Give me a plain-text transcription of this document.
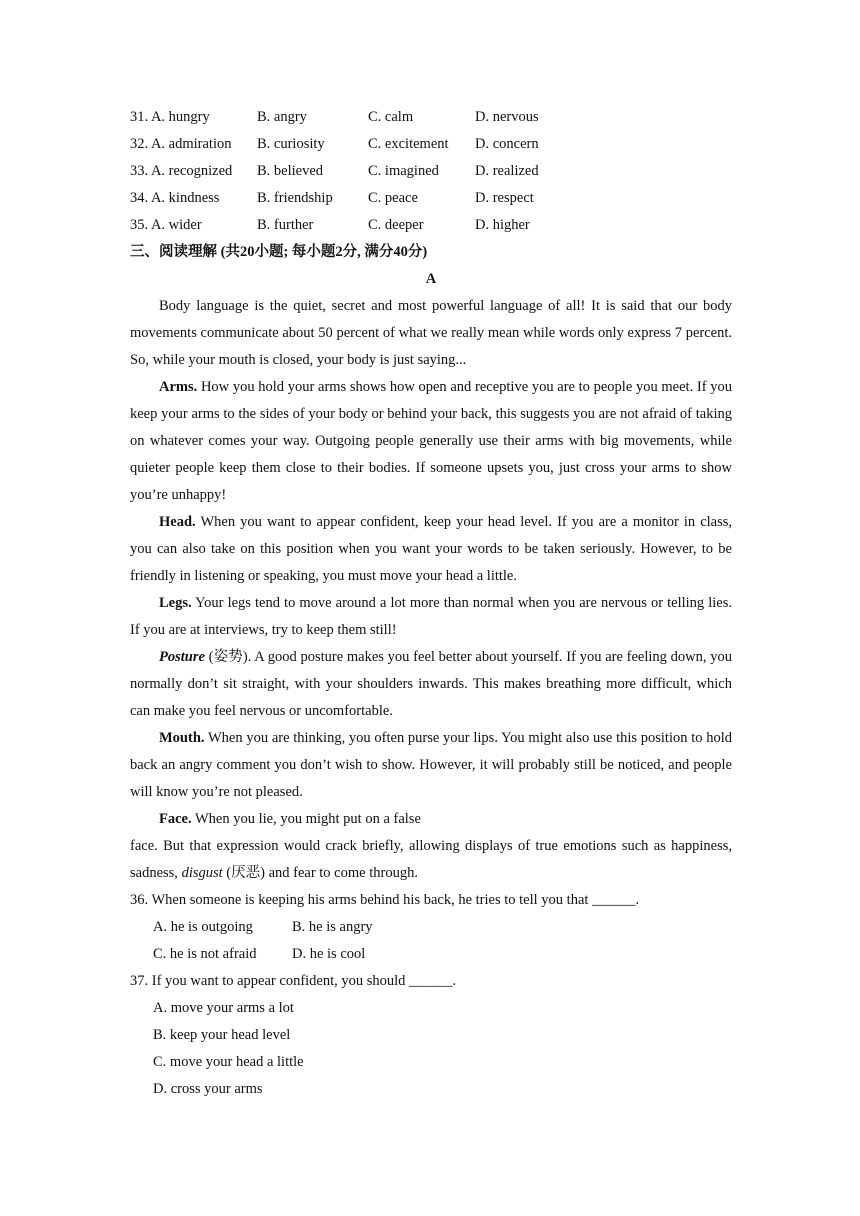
31. A. hungry	B. angry	C. calm	D. nervous
32. A. admiration B. curiosity	C. excitement D. concern
33. A. recognized B. believed	C. imagined D. realized
34. A. kindness	B. friendship C. peace	D. respect
35. A. wider	B. further	C. deeper	D. higher
三、阅读理解 (共20小题; 每小题2分, 满分40分)
A

Body language is the quiet, secret and most powerful language of all! It is said that our body movements communicate about 50 percent of what we really mean while words only express 7 percent. So, while your mouth is closed, your body is just saying...

Arms. How you hold your arms shows how open and receptive you are to people you meet. If you keep your arms to the sides of your body or behind your back, this suggests you are not afraid of taking on whatever comes your way. Outgoing people generally use their arms with big movements, while quieter people keep them close to their bodies. If someone upsets you, just cross your arms to show you’re unhappy!

Head. When you want to appear confident, keep your head level. If you are a monitor in class, you can also take on this position when you want your words to be taken seriously. However, to be friendly in listening or speaking, you must move your head a little.

Legs. Your legs tend to move around a lot more than normal when you are nervous or telling lies. If you are at interviews, try to keep them still!

Posture (姿势). A good posture makes you feel better about yourself. If you are feeling down, you normally don’t sit straight, with your shoulders inwards. This makes breathing more difficult, which can make you feel nervous or uncomfortable.

Mouth. When you are thinking, you often purse your lips. You might also use this position to hold back an angry comment you don’t wish to show. However, it will probably still be noticed, and people will know you’re not pleased.

Face. When you lie, you might put on a false

face. But that expression would crack briefly, allowing displays of true emotions such as happiness, sadness, disgust (厌恶) and fear to come through.

36. When someone is keeping his arms behind his back, he tries to tell you that ______.
A. he is outgoing	B. he is angry
C. he is not afraid D. he is cool
37. If you want to appear confident, you should ______.
A. move your arms a lot
B. keep your head level
C. move your head a little
D. cross your arms
